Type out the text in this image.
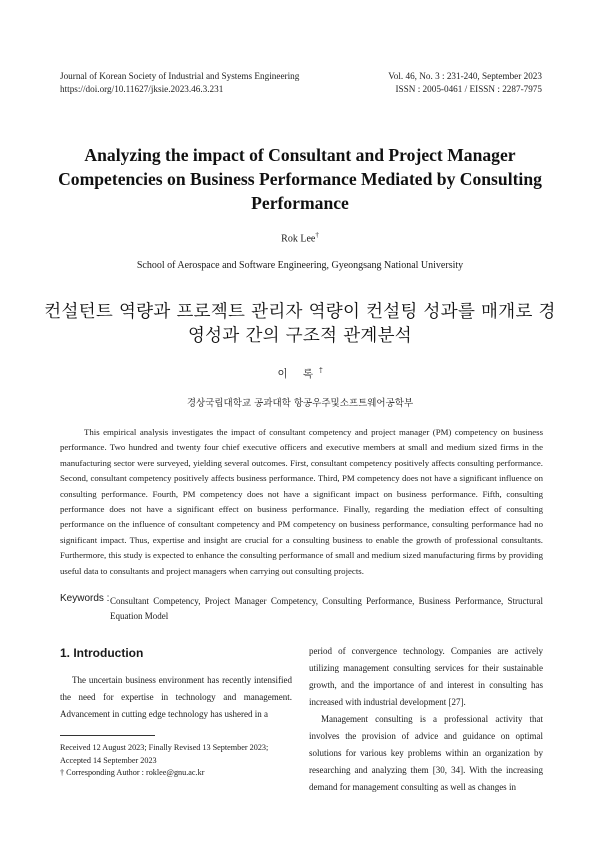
Journal of Korean Society of Industrial and Systems Engineering
https://doi.org/10.11627/jksie.2023.46.3.231
Vol. 46, No. 3 : 231-240, September 2023
ISSN : 2005-0461 / EISSN : 2287-7975
Analyzing the impact of Consultant and Project Manager Competencies on Business Performance Mediated by Consulting Performance
Rok Lee†
School of Aerospace and Software Engineering, Gyeongsang National University
컨설턴트 역량과 프로젝트 관리자 역량이 컨설팅 성과를 매개로 경영성과 간의 구조적 관계분석
이 록†
경상국립대학교 공과대학 항공우주및소프트웨어공학부
This empirical analysis investigates the impact of consultant competency and project manager (PM) competency on business performance. Two hundred and twenty four chief executive officers and executive members at small and medium sized firms in the manufacturing sector were surveyed, yielding several outcomes. First, consultant competency positively affects consulting performance. Second, consultant competency positively affects business performance. Third, PM competency does not have a significant influence on consulting performance. Fourth, PM competency does not have a significant impact on business performance. Fifth, consulting performance does not have a significant effect on business performance. Finally, regarding the mediation effect of consulting performance on the influence of consultant competency and PM competency on business performance, consulting performance had no significant impact. Thus, expertise and insight are crucial for a consulting business to enable the growth of professional consultants. Furthermore, this study is expected to enhance the consulting performance of small and medium sized manufacturing firms by providing useful data to consultants and project managers when carrying out consulting projects.
Keywords : Consultant Competency, Project Manager Competency, Consulting Performance, Business Performance, Structural Equation Model
1. Introduction
The uncertain business environment has recently intensified the need for expertise in technology and management. Advancement in cutting edge technology has ushered in a
Received 12 August 2023; Finally Revised 13 September 2023;
Accepted 14 September 2023
† Corresponding Author : roklee@gnu.ac.kr

period of convergence technology. Companies are actively utilizing management consulting services for their sustainable growth, and the importance of and interest in consulting has increased with industrial development [27].

Management consulting is a professional activity that involves the provision of advice and guidance on optimal solutions for various key problems within an organization by researching and analyzing them [30, 34]. With the increasing demand for management consulting as well as changes in
